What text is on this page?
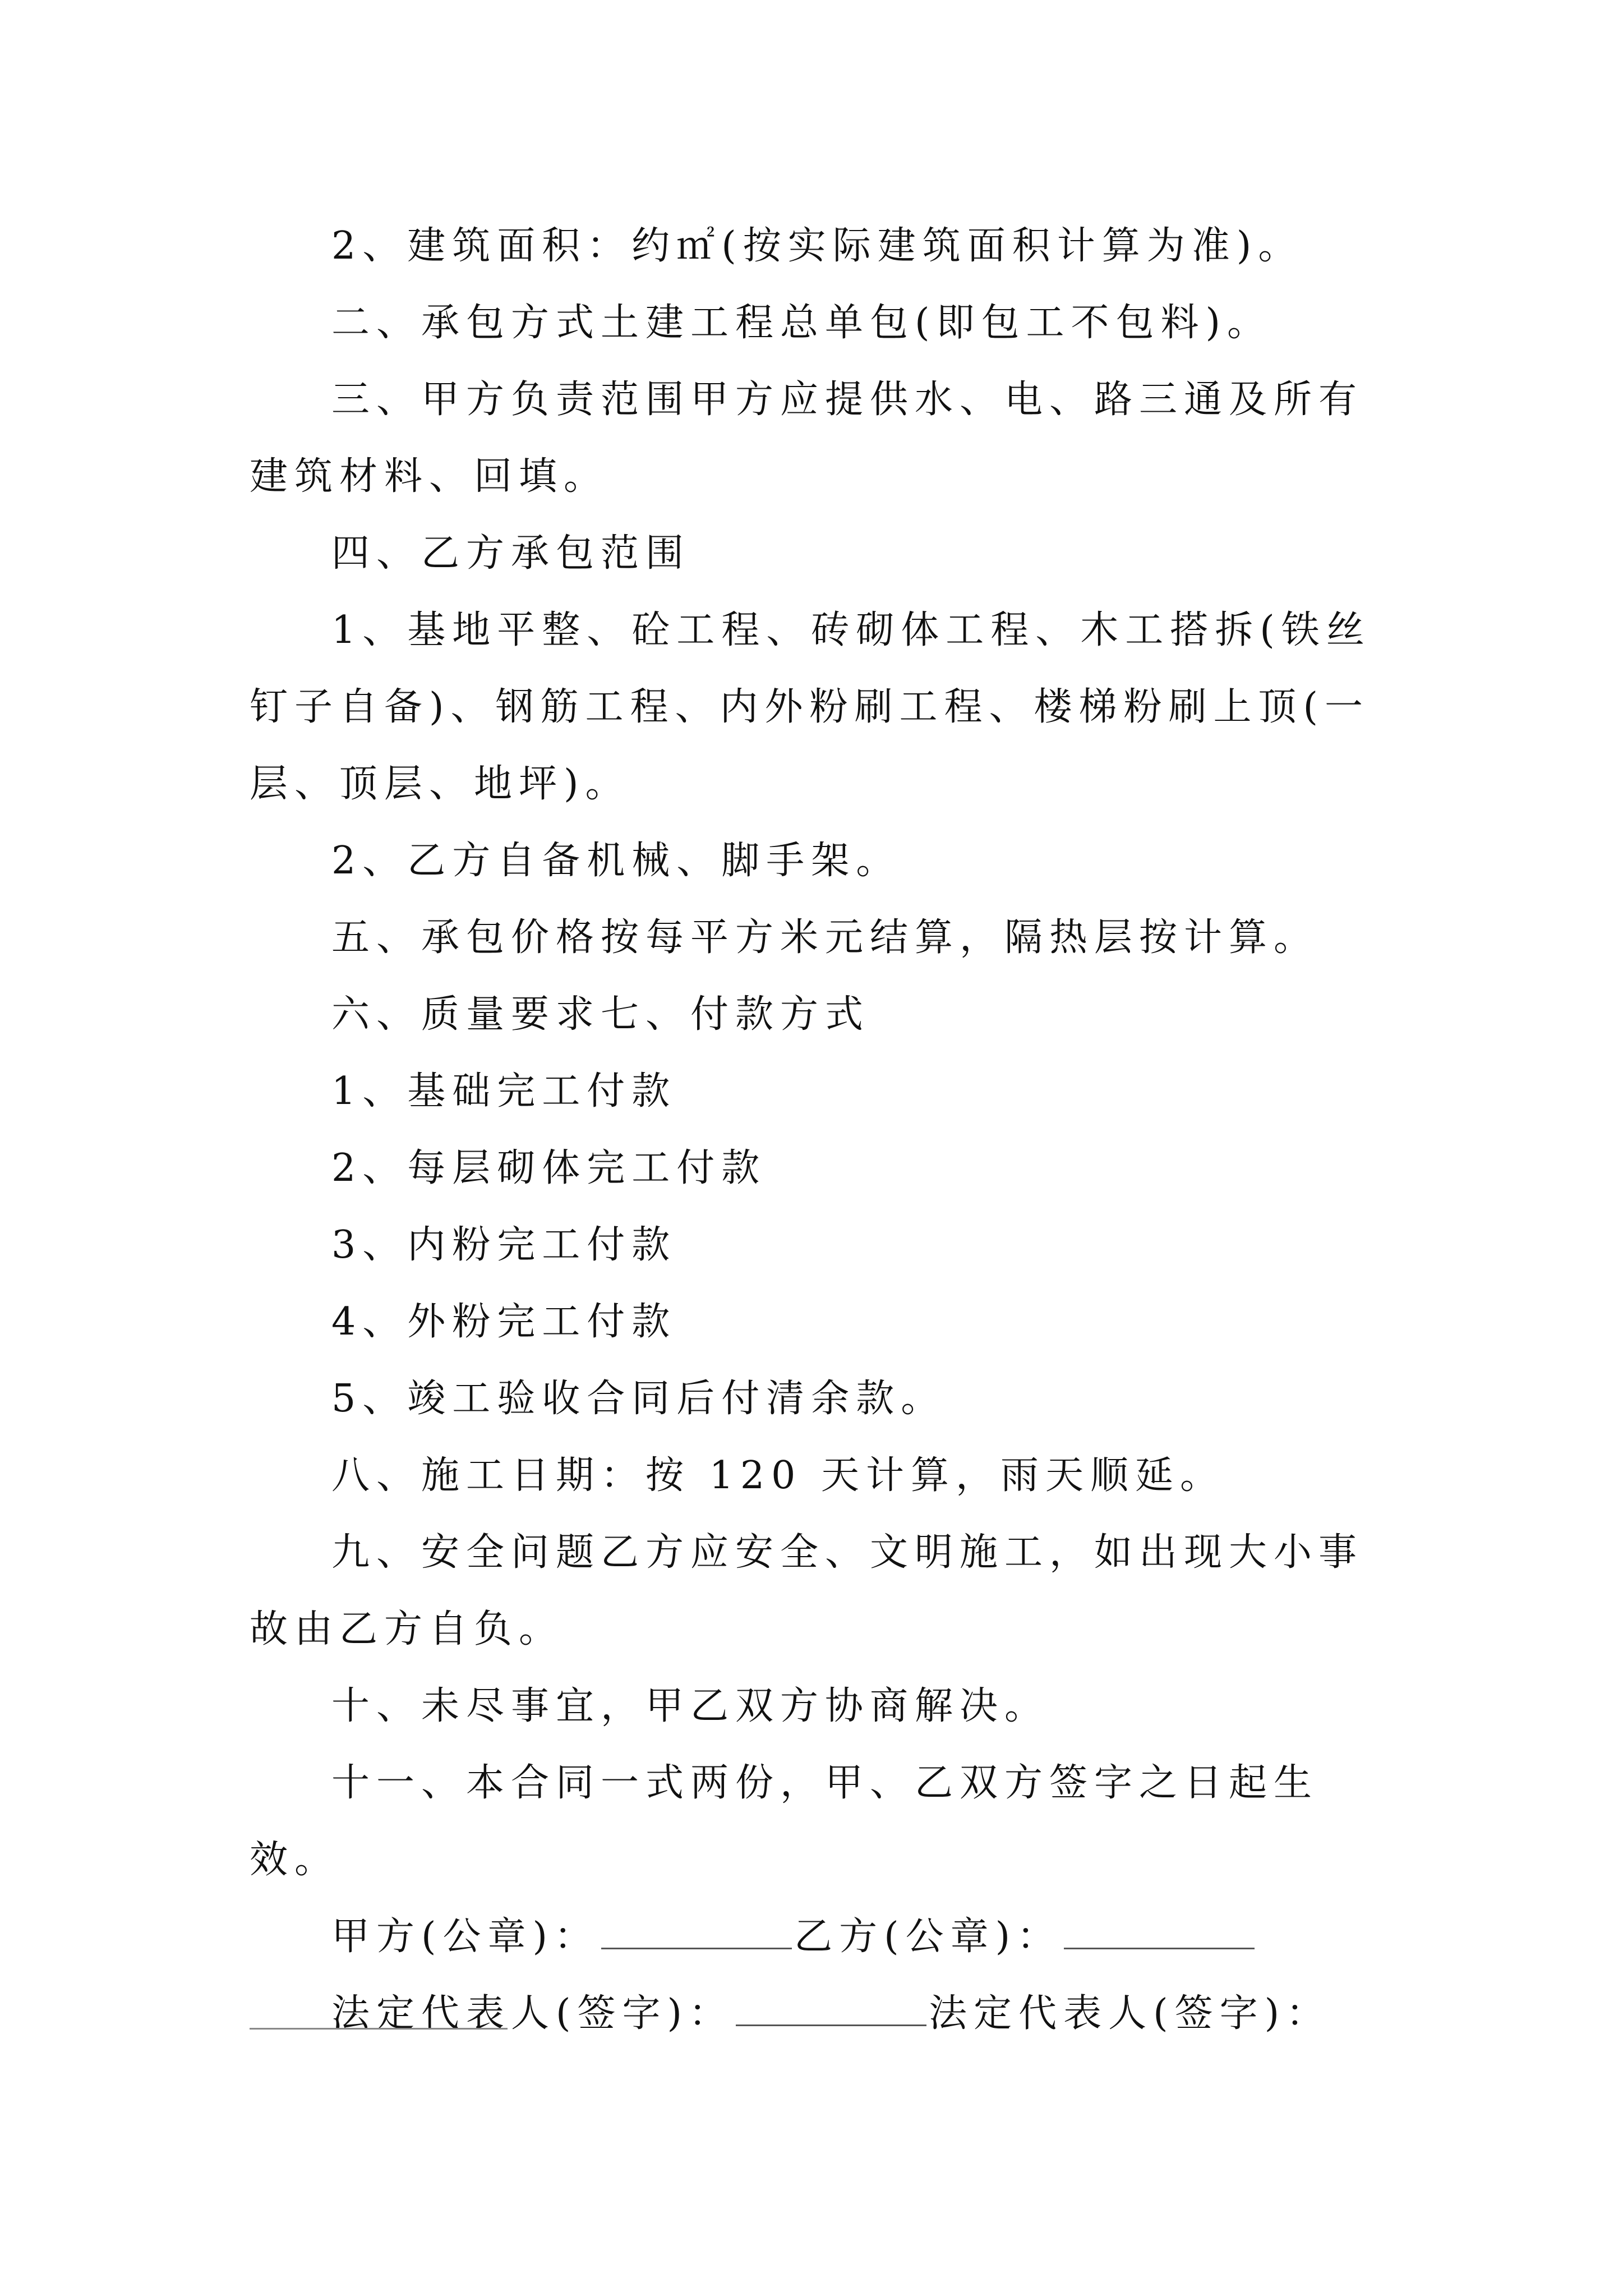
2、建筑面积：约㎡(按实际建筑面积计算为准)。

二、承包方式土建工程总单包(即包工不包料)。

三、甲方负责范围甲方应提供水、电、路三通及所有建筑材料、回填。

四、乙方承包范围

1、基地平整、砼工程、砖砌体工程、木工搭拆(铁丝钉子自备)、钢筋工程、内外粉刷工程、楼梯粉刷上顶(一层、顶层、地坪)。

2、乙方自备机械、脚手架。

五、承包价格按每平方米元结算，隔热层按计算。

六、质量要求七、付款方式

1、基础完工付款

2、每层砌体完工付款

3、内粉完工付款

4、外粉完工付款

5、竣工验收合同后付清余款。

八、施工日期：按 120 天计算，雨天顺延。

九、安全问题乙方应安全、文明施工，如出现大小事故由乙方自负。

十、未尽事宜，甲乙双方协商解决。

十一、本合同一式两份，甲、乙双方签字之日起生效。

甲方(公章)：	乙方(公章)：

法定代表人(签字)：	法定代表人(签字)：
